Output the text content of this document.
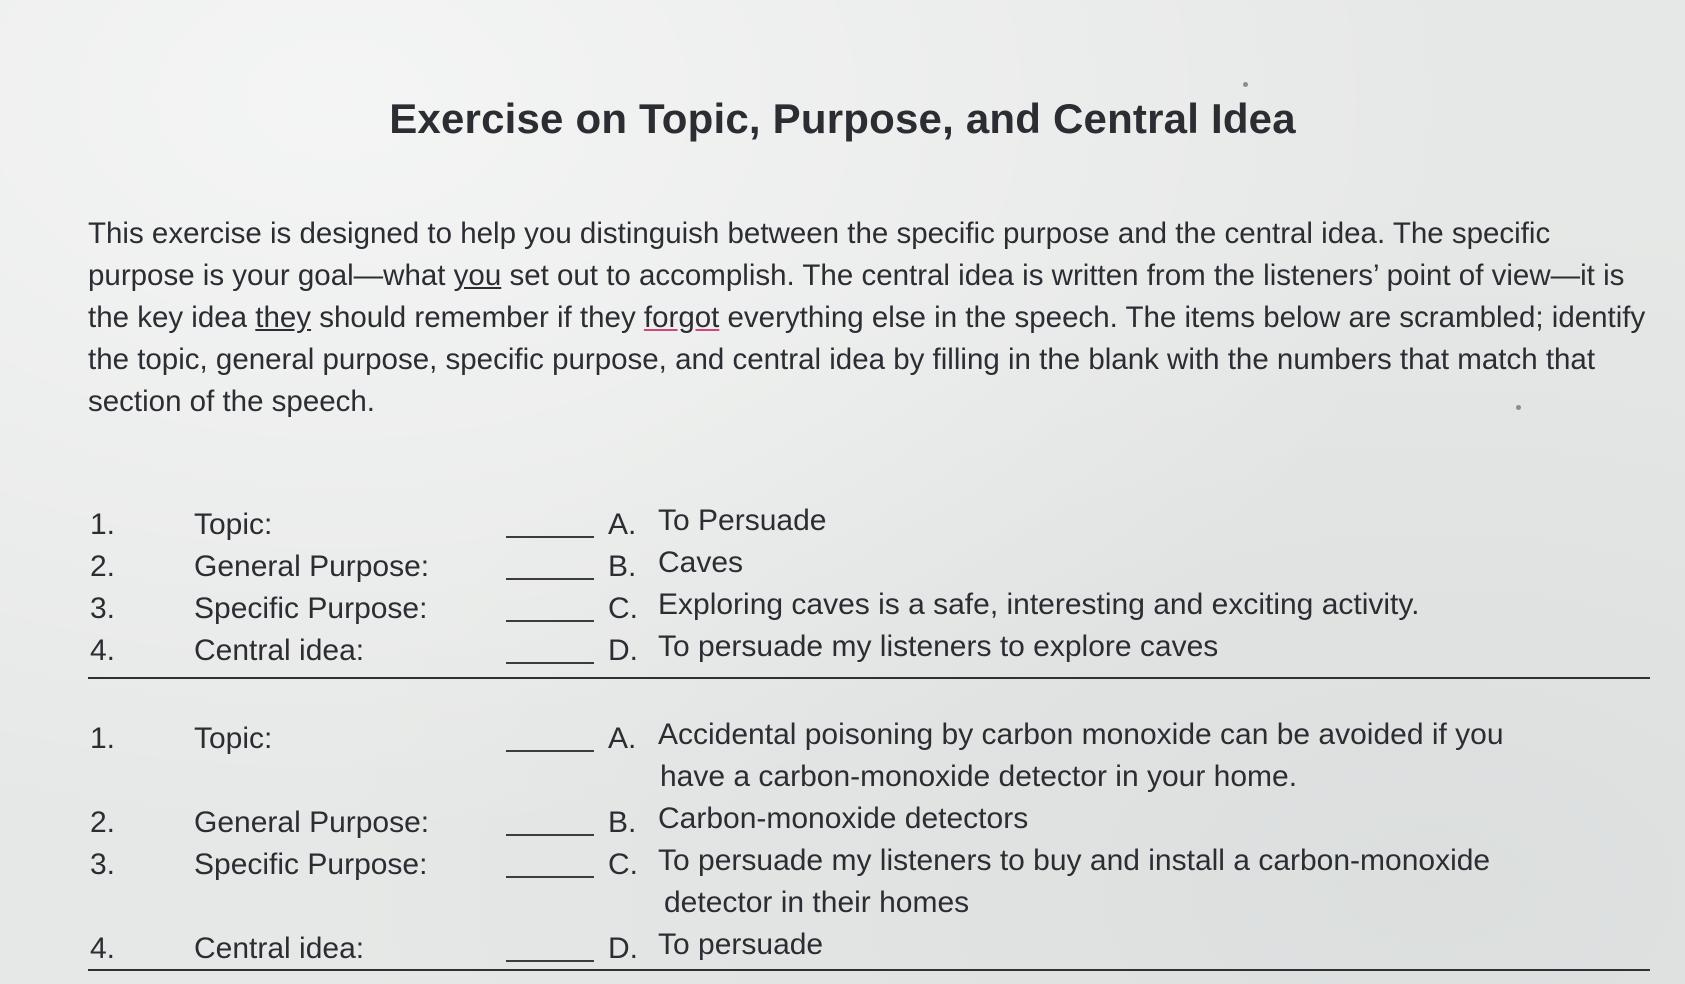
Exercise on Topic, Purpose, and Central Idea
This exercise is designed to help you distinguish between the specific purpose and the central idea. The specific purpose is your goal—what you set out to accomplish. The central idea is written from the listeners’ point of view—it is the key idea they should remember if they forgot everything else in the speech. The items below are scrambled; identify the topic, general purpose, specific purpose, and central idea by filling in the blank with the numbers that match that section of the speech.
1.	Topic:	A. To Persuade
2.	General Purpose:	B. Caves
3.	Specific Purpose:	C. Exploring caves is a safe, interesting and exciting activity.
4.	Central idea:	D. To persuade my listeners to explore caves
1.	Topic:	A. Accidental poisoning by carbon monoxide can be avoided if you
have a carbon-monoxide detector in your home.
2.	General Purpose:	B. Carbon-monoxide detectors
3.	Specific Purpose:	C. To persuade my listeners to buy and install a carbon-monoxide
detector in their homes
4.	Central idea:	D. To persuade
